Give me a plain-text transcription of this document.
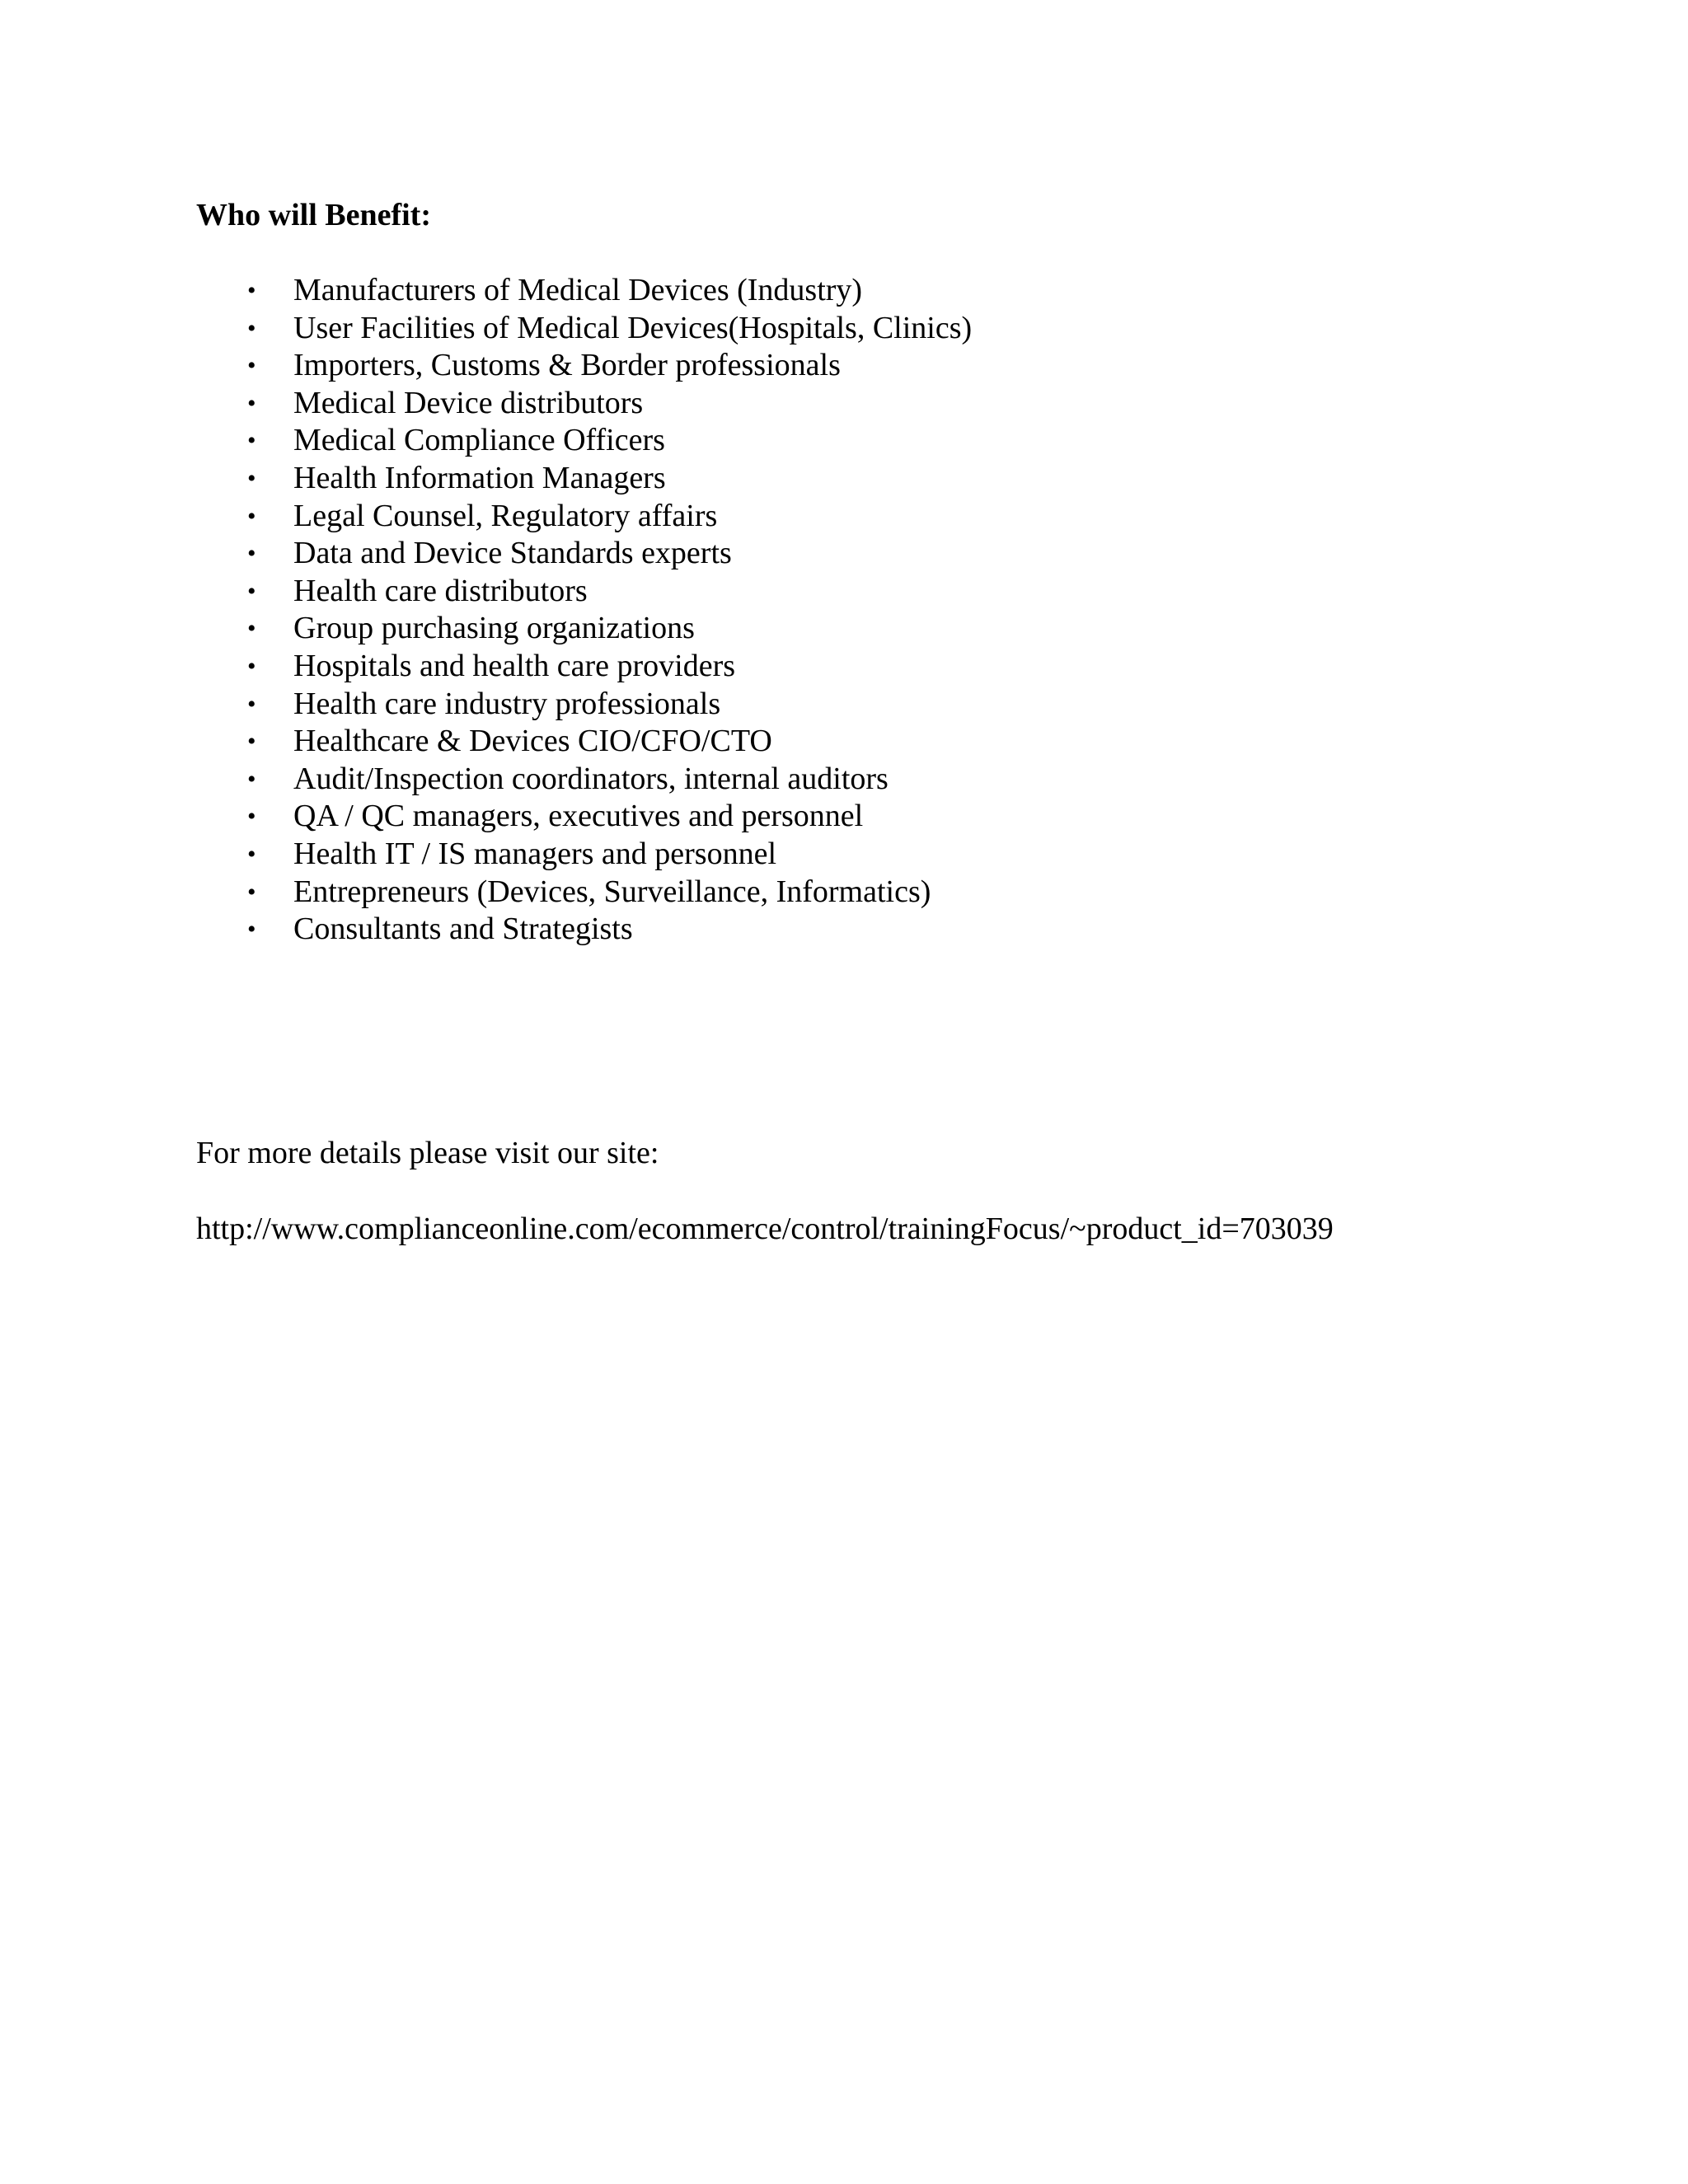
Who will Benefit:

•	Manufacturers of Medical Devices (Industry)
•	User Facilities of Medical Devices(Hospitals, Clinics)
•	Importers, Customs & Border professionals
•	Medical Device distributors
•	Medical Compliance Officers
•	Health Information Managers
•	Legal Counsel, Regulatory affairs
•	Data and Device Standards experts
•	Health care distributors
•	Group purchasing organizations
•	Hospitals and health care providers
•	Health care industry professionals
•	Healthcare & Devices CIO/CFO/CTO
•	Audit/Inspection coordinators, internal auditors
•	QA / QC managers, executives and personnel
•	Health IT / IS managers and personnel
•	Entrepreneurs (Devices, Surveillance, Informatics)
•	Consultants and Strategists

For more details please visit our site:

http://www.complianceonline.com/ecommerce/control/trainingFocus/~product_id=703039
